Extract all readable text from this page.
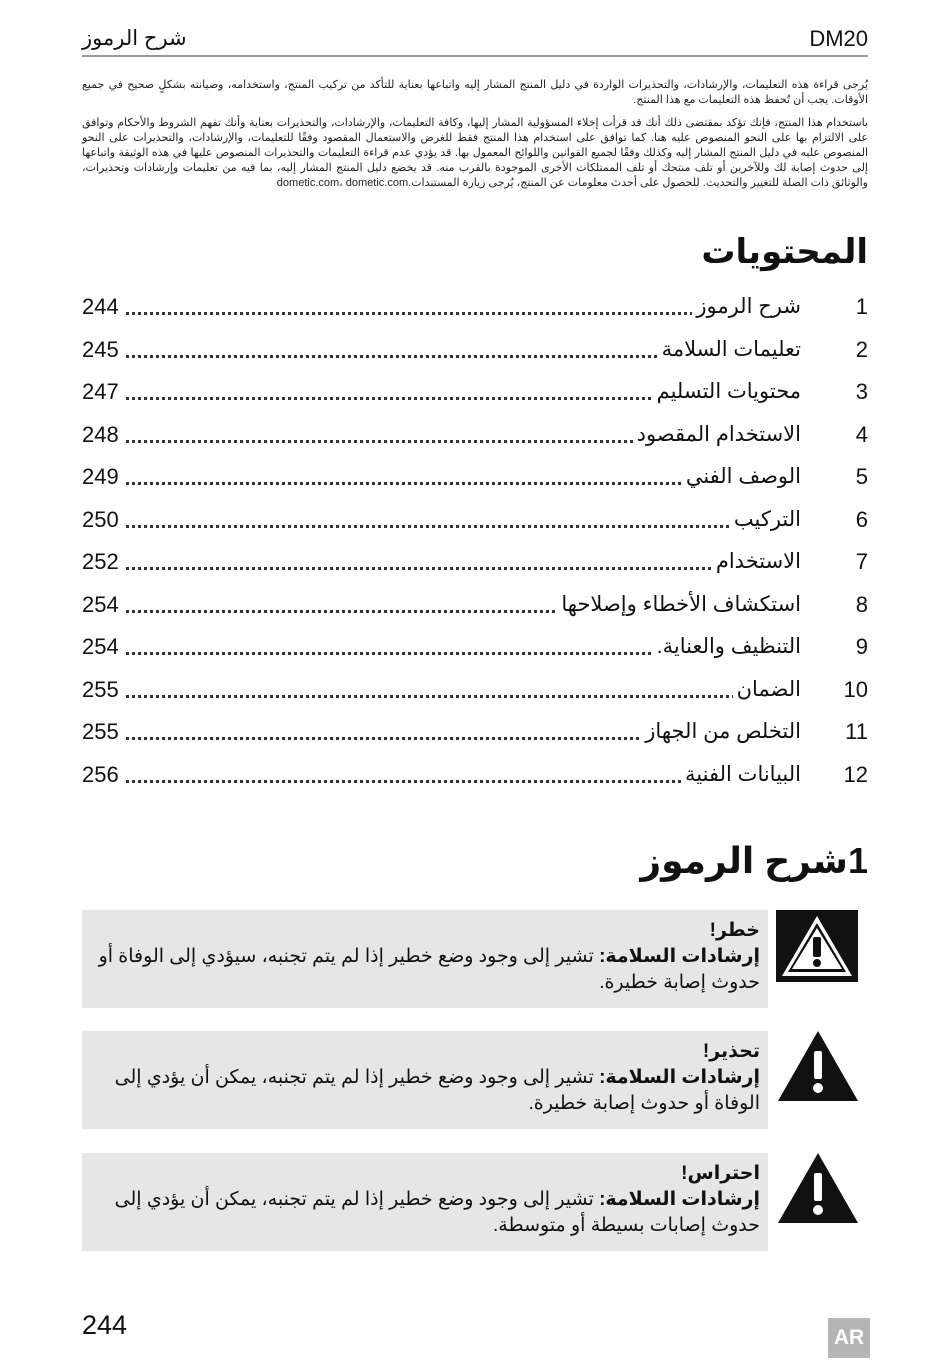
شرح الرموز	DM20
يُرجى قراءة هذه التعليمات، والإرشادات، والتحذيرات الواردة في دليل المنتج المشار إليه واتباعها بعناية للتأكد من تركيب المنتج، واستخدامه، وصيانته بشكلٍ صحيح في جميع الأوقات. يجب أن تُحفظ هذه التعليمات مع هذا المنتج.
باستخدام هذا المنتج، فإنك تؤكد بمقتضى ذلك أنك قد قرأت إخلاء المسؤولية المشار إليها، وكافة التعليمات، والإرشادات، والتحذيرات بعناية وأنك تفهم الشروط والأحكام وتوافق على الالتزام بها على النحو المنصوص عليه هنا. كما توافق على استخدام هذا المنتج فقط للغرض والاستعمال المقصود وفقًا للتعليمات، والإرشادات، والتحذيرات على النحو المنصوص عليه في دليل المنتج المشار إليه وكذلك وفقًا لجميع القوانين واللوائح المعمول بها. قد يؤدي عدم قراءة التعليمات والتحذيرات المنصوص عليها في هذه الوثيقة واتباعها إلى حدوث إصابة لك وللآخرين أو تلف منتجك أو تلف الممتلكات الأخرى الموجودة بالقرب منه. قد يخضع دليل المنتج المشار إليه، بما فيه من تعليمات وإرشادات وتحذيرات، والوثائق ذات الصلة للتغيير والتحديث. للحصول على أحدث معلومات عن المنتج، يُرجى زيارة المستندات.dometic.com، dometic.com
المحتويات
1
شرح الرموز
244
2
تعليمات السلامة
245
3
محتويات التسليم
247
4
الاستخدام المقصود
248
5
الوصف الفني
249
6
التركيب
250
7
الاستخدام
252
8
استكشاف الأخطاء وإصلاحها
254
9
التنظيف والعناية.
254
10
الضمان
255
11
التخلص من الجهاز
255
12
البيانات الفنية
256
1شرح الرموز
خطر!
إرشادات السلامة: تشير إلى وجود وضع خطير إذا لم يتم تجنبه، سيؤدي إلى الوفاة أو حدوث إصابة خطيرة.
تحذير!
إرشادات السلامة: تشير إلى وجود وضع خطير إذا لم يتم تجنبه، يمكن أن يؤدي إلى الوفاة أو حدوث إصابة خطيرة.
احتراس!
إرشادات السلامة: تشير إلى وجود وضع خطير إذا لم يتم تجنبه، يمكن أن يؤدي إلى حدوث إصابات بسيطة أو متوسطة.
244	AR
